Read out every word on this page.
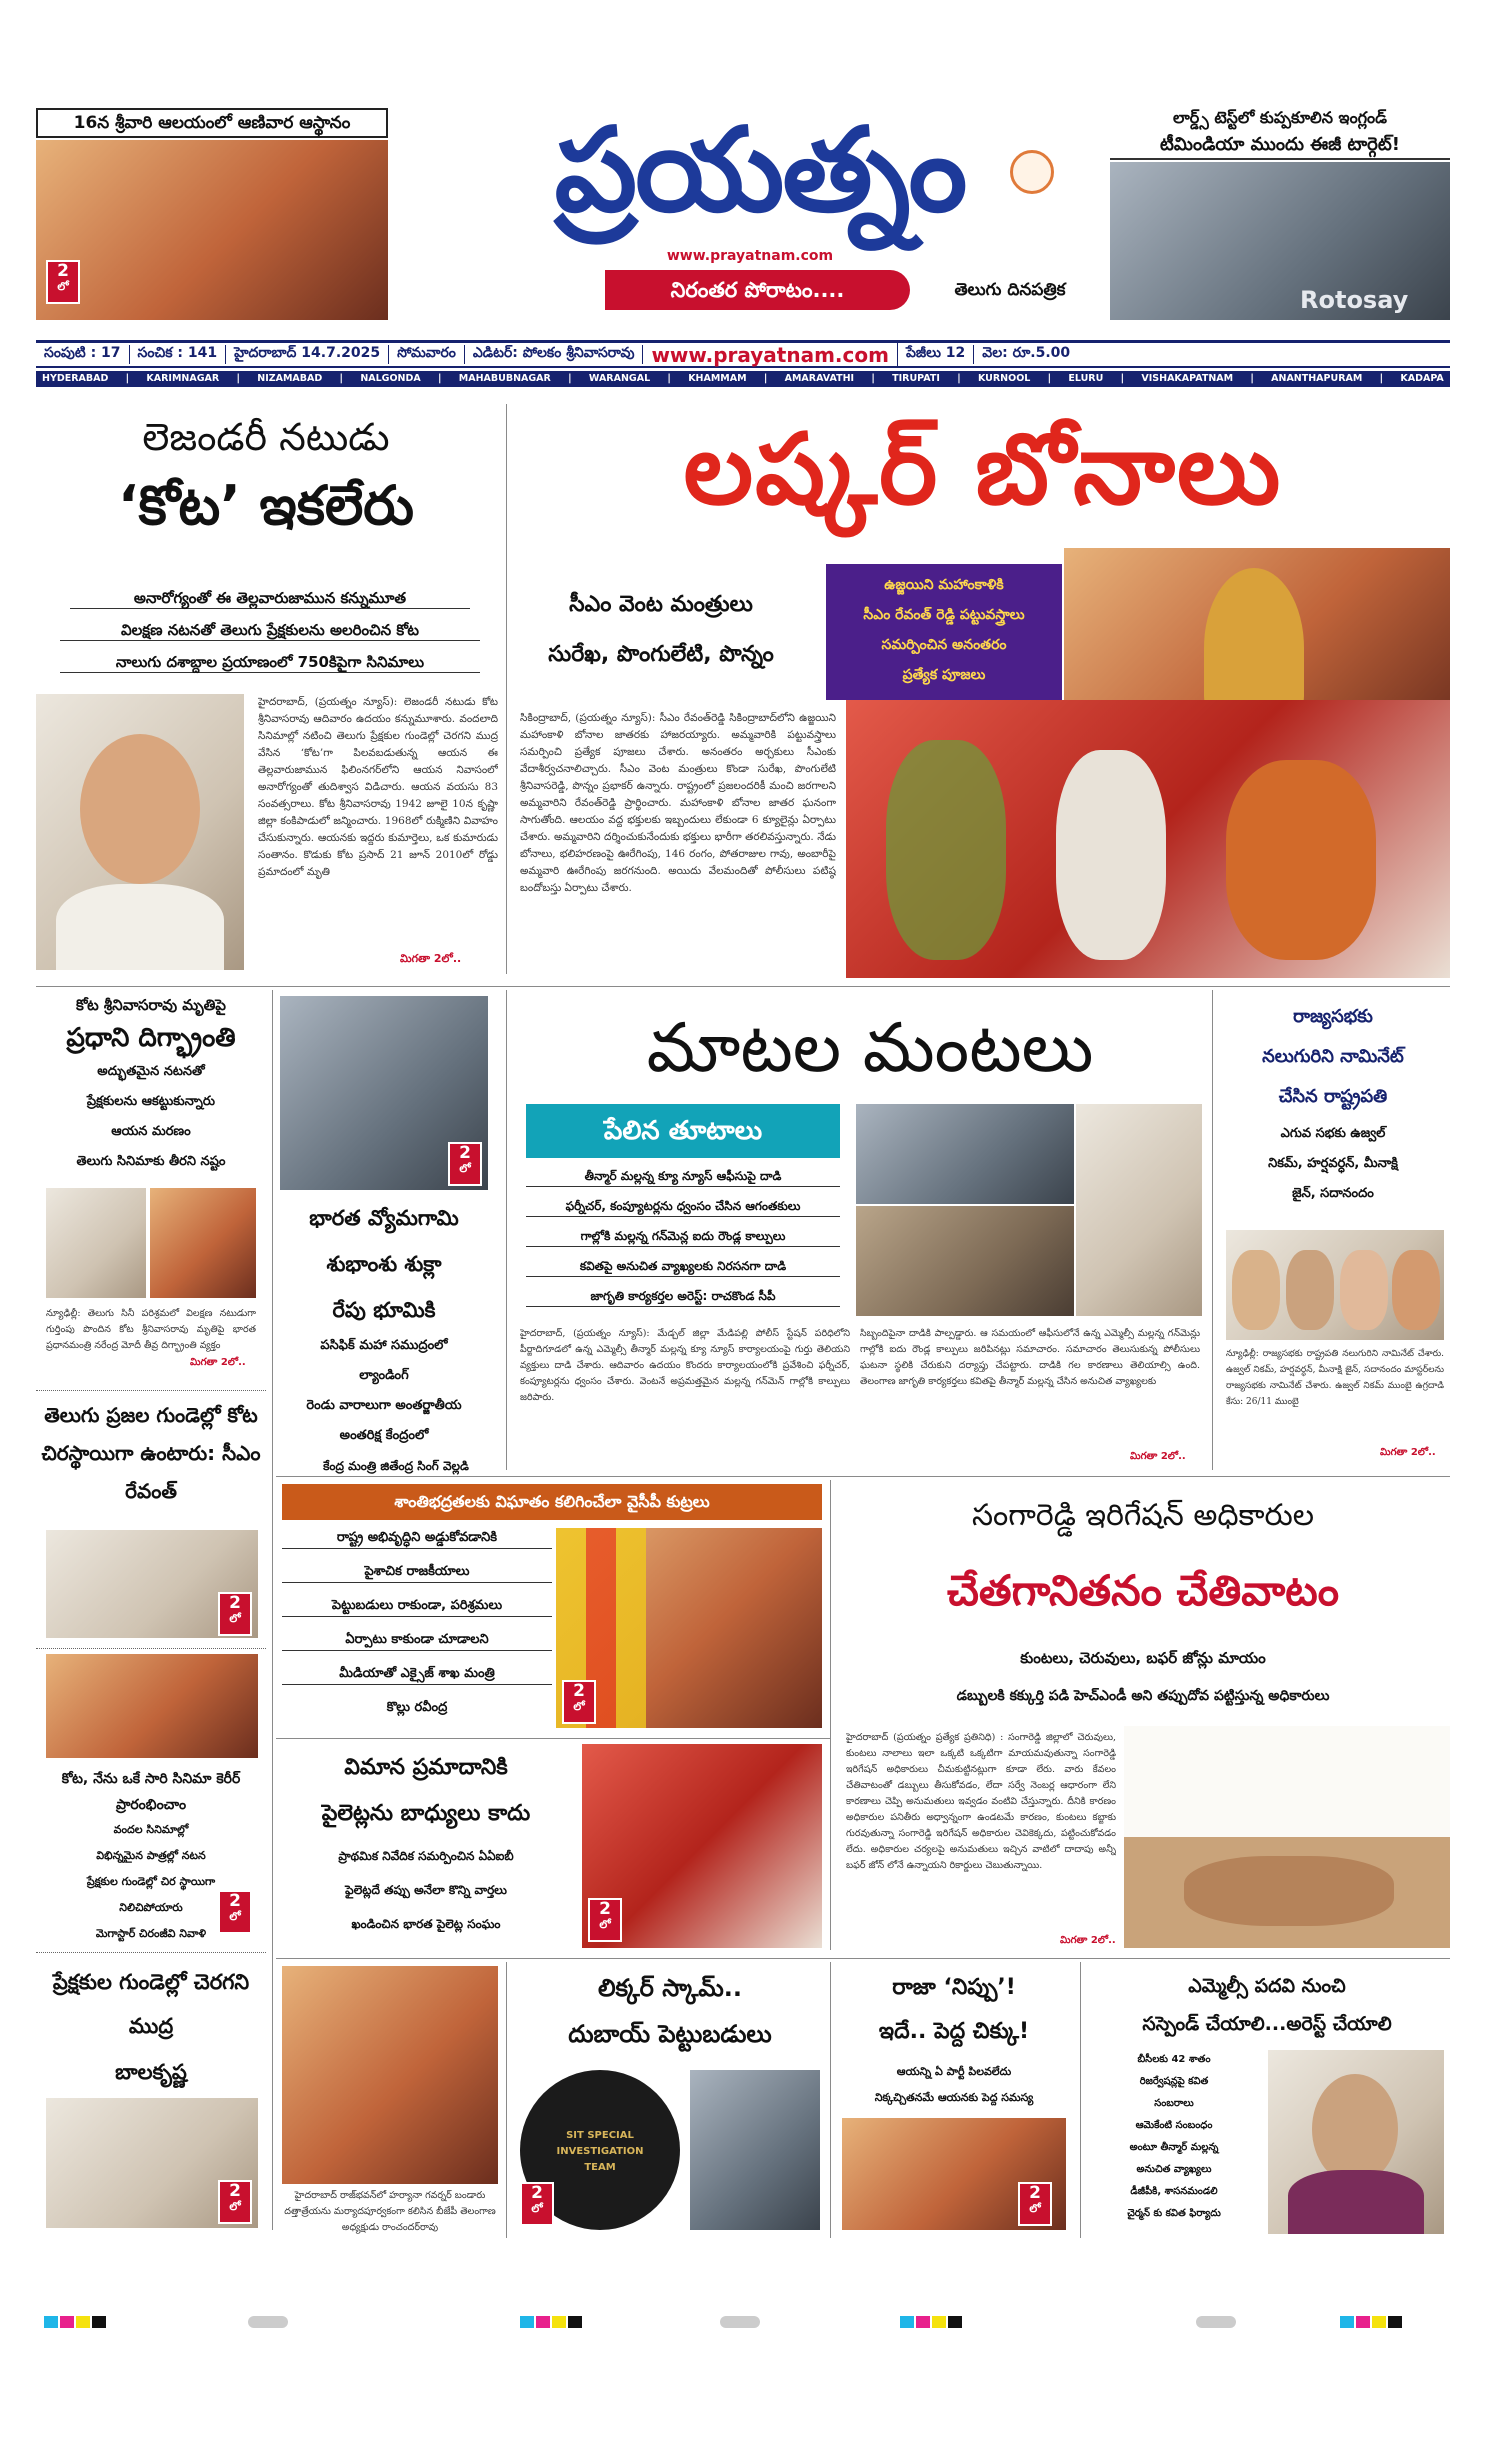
16న శ్రీవారి ఆలయంలో ఆణివార ఆస్థానం
2
లో
ప్రయత్నం
www.prayatnam.com
నిరంతర పోరాటం....	తెలుగు దినపత్రిక
లార్డ్స్ టెస్ట్‌లో కుప్పకూలిన ఇంగ్లండ్
టీమిండియా ముందు ఈజీ టార్గెట్!
Rotosay
సంపుటి : 17	సంచిక : 141	హైదరాబాద్ 14.7.2025	సోమవారం	ఎడిటర్: పోలకం శ్రీనివాసరావు www.prayatnam.com	పేజీలు 12	వెల: రూ.5.00
HYDERABAD | KARIMNAGAR | NIZAMABAD | NALGONDA | MAHABUBNAGAR | WARANGAL | KHAMMAM | AMARAVATHI | TIRUPATI | KURNOOL | ELURU | VISHAKAPATNAM | ANANTHAPURAM | KADAPA
లెజండరీ నటుడు
‘కోట’ ఇకలేరు
అనారోగ్యంతో ఈ తెల్లవారుజామున కన్నుమూత
విలక్షణ నటనతో తెలుగు ప్రేక్షకులను అలరించిన కోట
నాలుగు దశాబ్దాల ప్రయాణంలో 750కిపైగా సినిమాలు
హైదరాబాద్, (ప్రయత్నం న్యూస్): లెజండరీ నటుడు కోట శ్రీనివాసరావు ఆదివారం ఉదయం కన్నుమూశారు. వందలాది సినిమాల్లో నటించి తెలుగు ప్రేక్షకుల గుండెల్లో చెరగని ముద్ర వేసిన ‘కోట’గా పిలవబడుతున్న ఆయన ఈ తెల్లవారుజామున ఫిలింనగర్‌లోని ఆయన నివాసంలో అనారోగ్యంతో తుదిశ్వాస విడిచారు. ఆయన వయసు 83 సంవత్సరాలు. కోట శ్రీనివాసరావు 1942 జూలై 10న కృష్ణా జిల్లా కంకిపాడులో జన్మించారు. 1968లో రుక్మిణిని వివాహం చేసుకున్నారు. ఆయనకు ఇద్దరు కుమార్తెలు, ఒక కుమారుడు సంతానం. కొడుకు కోట ప్రసాద్ 21 జూన్ 2010లో రోడ్డు ప్రమాదంలో మృతి
మిగతా 2లో..
లష్కర్ బోనాలు
సీఎం వెంట మంత్రులు
సురేఖ, పొంగులేటి, పొన్నం
ఉజ్జయిని మహాంకాళికి
సీఎం రేవంత్ రెడ్డి పట్టువస్త్రాలు
సమర్పించిన అనంతరం
ప్రత్యేక పూజలు
సికింద్రాబాద్, (ప్రయత్నం న్యూస్): సీఎం రేవంత్‌రెడ్డి సికింద్రాబాద్‌లోని ఉజ్జయిని మహాంకాళి బోనాల జాతరకు హాజరయ్యారు. అమ్మవారికి పట్టువస్త్రాలు సమర్పించి ప్రత్యేక పూజలు చేశారు. అనంతరం అర్చకులు సీఎంకు వేదాశీర్వచనాలిచ్చారు. సీఎం వెంట మంత్రులు కొండా సురేఖ, పొంగులేటి శ్రీనివాసరెడ్డి, పొన్నం ప్రభాకర్ ఉన్నారు. రాష్ట్రంలో ప్రజలందరికీ మంచి జరగాలని అమ్మవారిని రేవంత్‌రెడ్డి ప్రార్థించారు. మహాంకాళి బోనాల జాతర ఘనంగా సాగుతోంది. ఆలయం వద్ద భక్తులకు ఇబ్బందులు లేకుండా 6 క్యూలైన్లు ఏర్పాటు చేశారు. అమ్మవారిని దర్శించుకునేందుకు భక్తులు భారీగా తరలివస్తున్నారు. నేడు బోనాలు, భలిహరణంపై ఊరేగింపు, 146 రంగం, పోతరాజుల గావు, అంబారీపై అమ్మవారి ఊరేగింపు జరగనుంది. అయిదు వేలమందితో పోలీసులు పటిష్ఠ బందోబస్తు ఏర్పాటు చేశారు.
కోట శ్రీనివాసరావు మృతిపై
ప్రధాని దిగ్భ్రాంతి
అద్భుతమైన నటనతో
ప్రేక్షకులను ఆకట్టుకున్నారు
ఆయన మరణం
తెలుగు సినిమాకు తీరని నష్టం
న్యూఢిల్లీ: తెలుగు సినీ పరిశ్రమలో విలక్షణ నటుడుగా గుర్తింపు పొందిన కోట శ్రీనివాసరావు మృతిపై భారత ప్రధానమంత్రి నరేంద్ర మోదీ తీవ్ర దిగ్భ్రాంతి వ్యక్తం
మిగతా 2లో..
తెలుగు ప్రజల గుండెల్లో కోట చిరస్థాయిగా ఉంటారు: సీఎం రేవంత్
2
లో
కోట, నేను ఒకే సారి సినిమా కెరీర్ ప్రారంభించాం
వందల సినిమాల్లో
విభిన్నమైన పాత్రల్లో నటన
ప్రేక్షకుల గుండెల్లో చిర స్థాయిగా
నిలిచిపోయారు
మెగాస్టార్ చిరంజీవి నివాళి
2
లో
ప్రేక్షకుల గుండెల్లో చెరగని ముద్ర
బాలకృష్ణ
2
లో
2
లో
భారత వ్యోమగామి
శుభాంశు శుక్లా
రేపు భూమికి
పసిఫిక్ మహా సముద్రంలో
ల్యాండింగ్
రెండు వారాలుగా అంతర్జాతీయ
అంతరిక్ష కేంద్రంలో
కేంద్ర మంత్రి జితేంద్ర సింగ్ వెల్లడి
మాటల మంటలు
పేలిన తూటాలు
తీన్మార్ మల్లన్న క్యూ న్యూస్ ఆఫీసుపై దాడి
ఫర్నీచర్, కంప్యూటర్లను ధ్వంసం చేసిన ఆగంతకులు
గాల్లోకి మల్లన్న గన్‌మెన్ల ఐదు రౌండ్ల కాల్పులు
కవితపై అనుచిత వ్యాఖ్యలకు నిరసనగా దాడి
జాగృతి కార్యకర్తల అరెస్ట్: రాచకొండ సీపీ
హైదరాబాద్, (ప్రయత్నం న్యూస్): మేడ్చల్ జిల్లా మేడిపల్లి పోలీస్ స్టేషన్ పరిధిలోని పీర్జాదిగూడలో ఉన్న ఎమ్మెల్సీ తీన్మార్ మల్లన్న క్యూ న్యూస్ కార్యాలయంపై గుర్తు తెలియని వ్యక్తులు దాడి చేశారు. ఆదివారం ఉదయం కొందరు కార్యాలయంలోకి ప్రవేశించి ఫర్నీచర్, కంప్యూటర్లను ధ్వంసం చేశారు. వెంటనే అప్రమత్తమైన మల్లన్న గన్‌మెన్ గాల్లోకి కాల్పులు జరిపారు.
సిబ్బందిపైనా దాడికి పాల్పడ్డారు. ఆ సమయంలో ఆఫీసులోనే ఉన్న ఎమ్మెల్సీ మల్లన్న గన్‌మెన్లు గాల్లోకి ఐదు రౌండ్ల కాల్పులు జరిపినట్లు సమాచారం. సమాచారం తెలుసుకున్న పోలీసులు ఘటనా స్థలికి చేరుకుని దర్యాప్తు చేపట్టారు. దాడికి గల కారణాలు తెలియాల్సి ఉంది. తెలంగాణ జాగృతి కార్యకర్తలు కవితపై తీన్మార్ మల్లన్న చేసిన అనుచిత వ్యాఖ్యలకు
మిగతా 2లో..
రాజ్యసభకు
నలుగురిని నామినేట్
చేసిన రాష్ట్రపతి
ఎగువ సభకు ఉజ్వల్
నికమ్, హర్షవర్ధన్, మీనాక్షి
జైన్, సదానందం
న్యూఢిల్లీ: రాజ్యసభకు రాష్ట్రపతి నలుగురిని నామినేట్ చేశారు. ఉజ్వల్ నికమ్, హర్షవర్ధన్, మీనాక్షి జైన్, సదానందం మాస్టర్‌లను రాజ్యసభకు నామినేట్ చేశారు. ఉజ్వల్ నికమ్ ముంబై ఉగ్రదాడి కేసు: 26/11 ముంబై
మిగతా 2లో..
శాంతిభద్రతలకు విఘాతం కలిగించేలా వైసీపీ కుట్రలు
రాష్ట్ర అభివృద్ధిని అడ్డుకోవడానికి
పైశాచిక రాజకీయాలు
పెట్టుబడులు రాకుండా, పరిశ్రమలు
ఏర్పాటు కాకుండా చూడాలని
మీడియాతో ఎక్సైజ్ శాఖ మంత్రి
కొల్లు రవీంద్ర
2
లో
విమాన ప్రమాదానికి
పైలెట్లను బాధ్యులు కాదు
ప్రాథమిక నివేదిక సమర్పించిన ఏఏఐబీ
ఫైలెట్లదే తప్పు అనేలా కొన్ని వార్తలు
ఖండించిన భారత పైలెట్ల సంఘం
2
లో
సంగారెడ్డి ఇరిగేషన్ అధికారుల
చేతగానితనం చేతివాటం
కుంటలు, చెరువులు, బఫర్ జోన్లు మాయం
డబ్బులకి కక్కుర్తి పడి హెచ్ఎండీ అని తప్పుదోవ పట్టిస్తున్న అధికారులు
హైదరాబాద్ (ప్రయత్నం ప్రత్యేక ప్రతినిధి) : సంగారెడ్డి జిల్లాలో చెరువులు, కుంటలు నాలాలు ఇలా ఒక్కటి ఒక్కటిగా మాయమవుతున్నా సంగారెడ్డి ఇరిగేషన్ అధికారులు చీమకుట్టినట్లుగా కూడా లేరు. వారు కేవలం చేతివాటంతో డబ్బులు తీసుకోవడం, లేదా సర్వే నెంబర్ల ఆధారంగా లేని కారణాలు చెప్పి అనుమతులు ఇవ్వడం వంటివి చేస్తున్నారు. దీనికి కారణం అధికారుల పనితీరు అధ్వాన్నంగా ఉండటమే కారణం, కుంటలు కబ్జాకు గురవుతున్నా సంగారెడ్డి ఇరిగేషన్ అధికారుల చెవికెక్కదు, పట్టించుకోవడం లేదు. అధికారుల చర్యలపై అనుమతులు ఇచ్చిన వాటిలో దాదాపు అన్నీ బఫర్ జోన్ లోనే ఉన్నాయని రికార్డులు చెబుతున్నాయి.
మిగతా 2లో..
హైదరాబాద్ రాజ్‌భవన్‌లో హర్యానా గవర్నర్ బండారు దత్తాత్రేయను మర్యాదపూర్వకంగా కలిసిన బీజేపీ తెలంగాణ అధ్యక్షుడు రాంచందర్‌రావు
లిక్కర్ స్కామ్..
దుబాయ్ పెట్టుబడులు
SIT SPECIAL INVESTIGATION TEAM
2
లో
రాజా ‘నిప్పు’!
ఇదే.. పెద్ద చిక్కు!
ఆయన్ని ఏ పార్టీ పిలవలేదు
నిక్కచ్చితనమే ఆయనకు పెద్ద సమస్య
2
లో
ఎమ్మెల్సీ పదవి నుంచి
సస్పెండ్ చేయాలి...అరెస్ట్ చేయాలి
బీసీలకు 42 శాతం
రిజర్వేషన్లపై కవిత
సంబరాలు
ఆమెకేంటి సంబంధం
అంటూ తీన్మార్ మల్లన్న
అనుచిత వ్యాఖ్యలు
డీజీపీకి, శాసనమండలి
చైర్మన్ కు కవిత ఫిర్యాదు
